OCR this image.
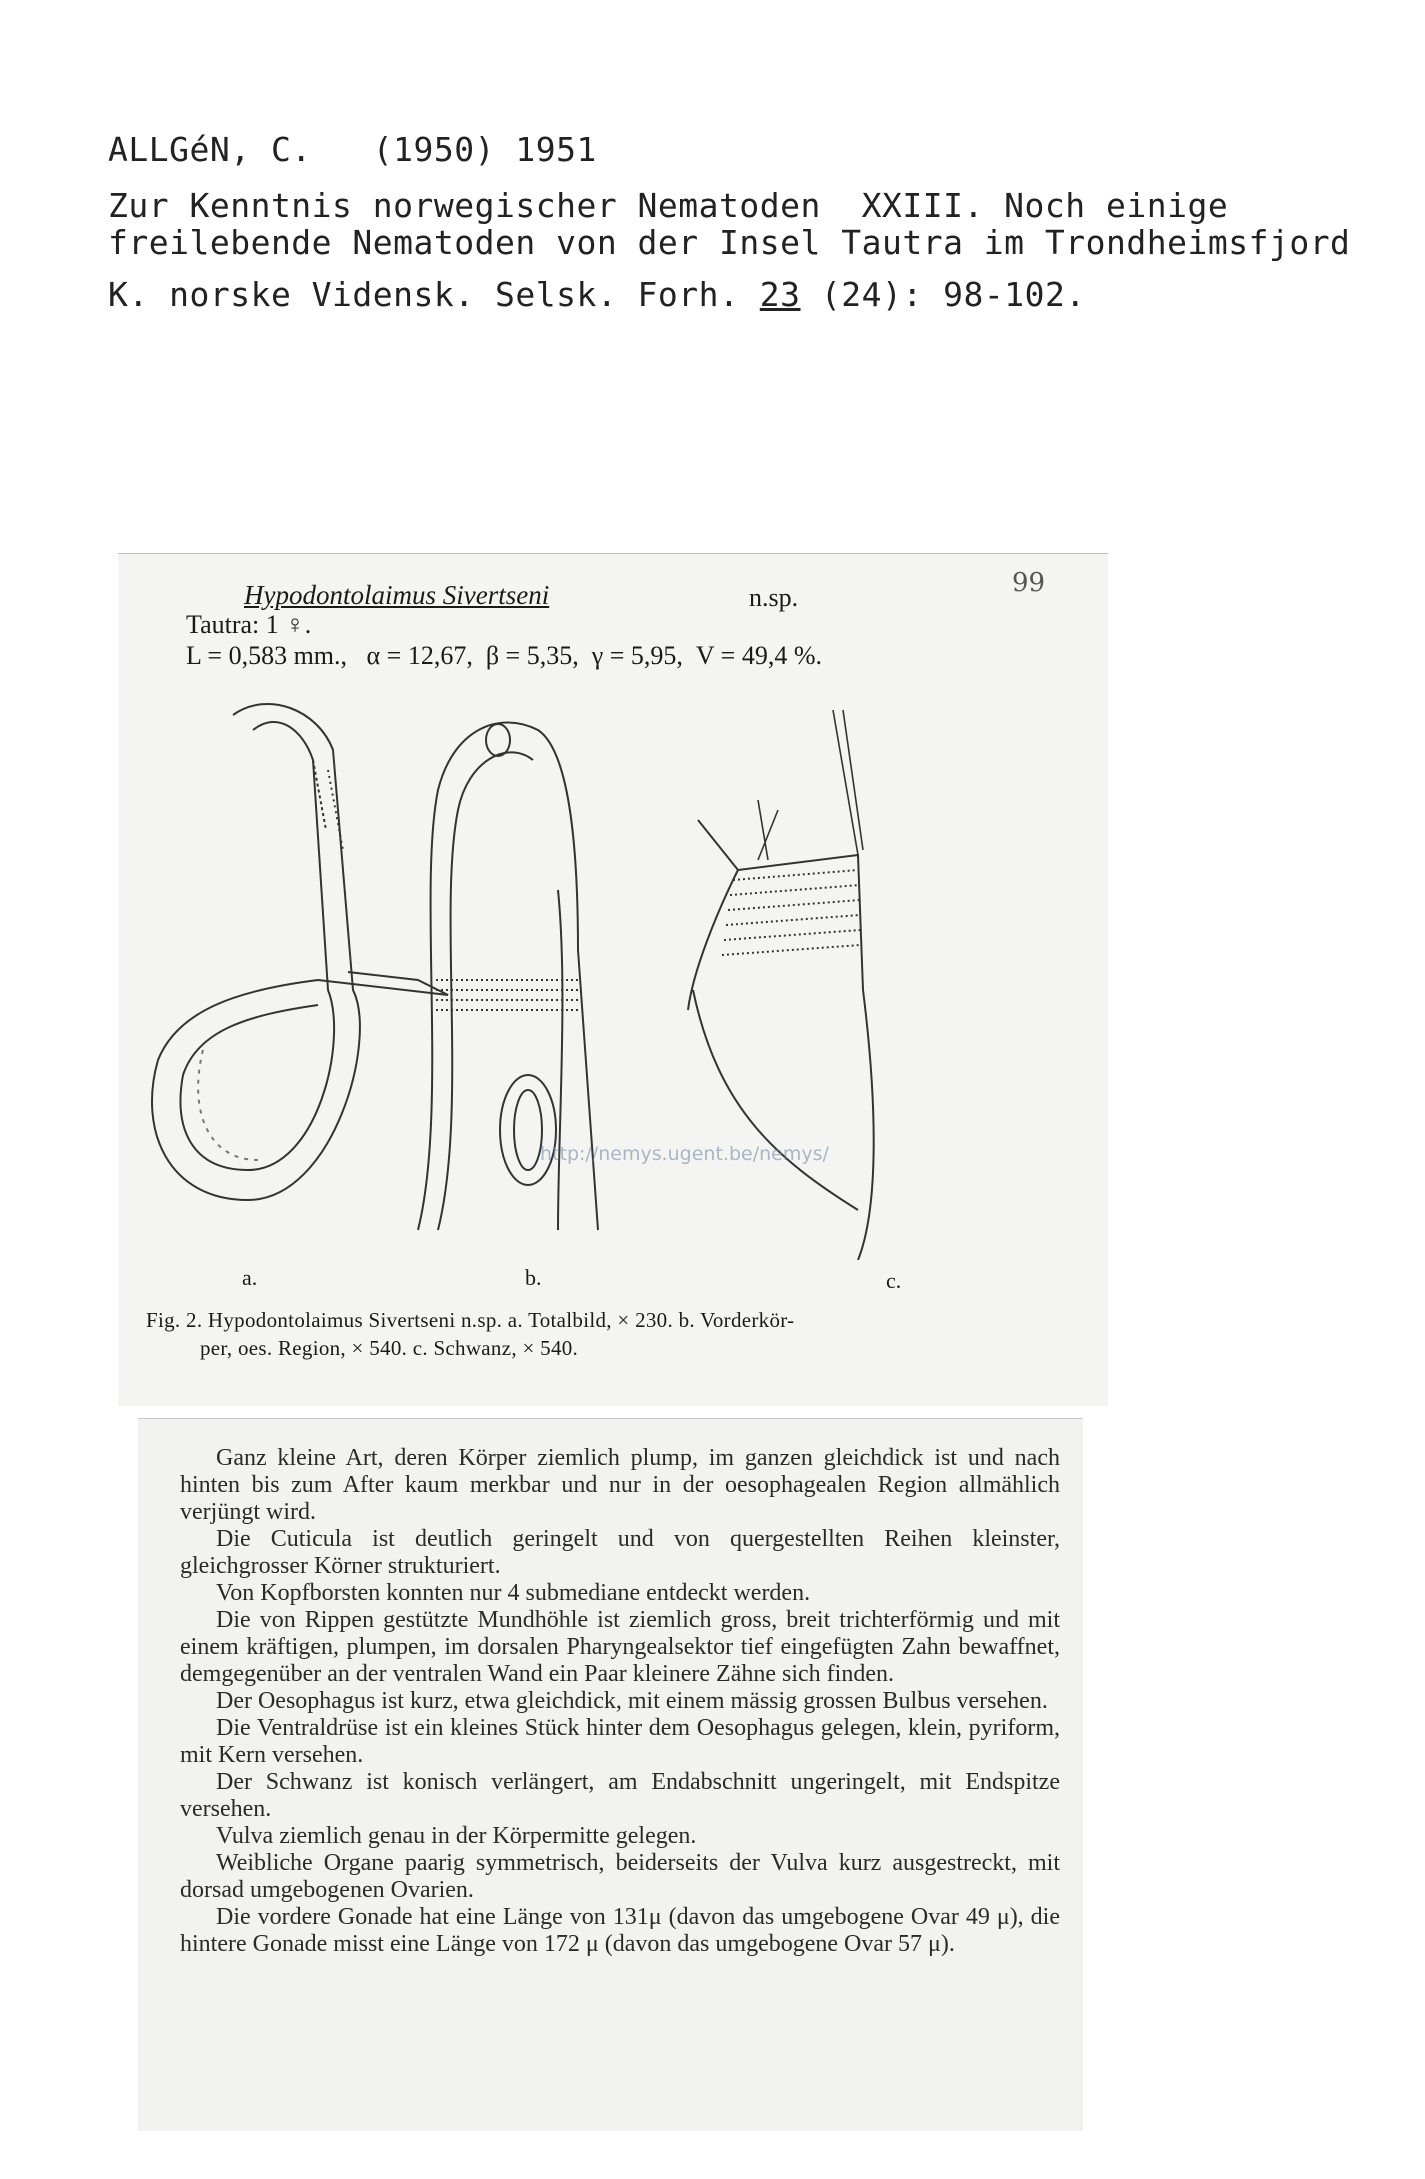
ALLGéN, C. (1950) 1951
Zur Kenntnis norwegischer Nematoden  XXIII. Noch einige
freilebende Nematoden von der Insel Tautra im Trondheimsfjord
K. norske Vidensk. Selsk. Forh. 23 (24): 98-102.
Hypodontolaimus Sivertseni	n.sp.	99
Tautra: 1 ♀.
L = 0,583 mm.,   α = 12,67,  β = 5,35,  γ = 5,95,  V = 49,4 %.
http://nemys.ugent.be/nemys/
a.	b.	c.
Fig. 2. Hypodontolaimus Sivertseni n.sp. a. Totalbild, × 230. b. Vorderkör-
per, oes. Region, × 540. c. Schwanz, × 540.

Ganz kleine Art, deren Körper ziemlich plump, im ganzen gleichdick ist und nach hinten bis zum After kaum merkbar und nur in der oesophagealen Region allmählich verjüngt wird.

Die Cuticula ist deutlich geringelt und von quergestellten Reihen kleinster, gleichgrosser Körner strukturiert.

Von Kopfborsten konnten nur 4 submediane entdeckt werden.

Die von Rippen gestützte Mundhöhle ist ziemlich gross, breit trichterförmig und mit einem kräftigen, plumpen, im dorsalen Pharyngealsektor tief eingefügten Zahn bewaffnet, demgegenüber an der ventralen Wand ein Paar kleinere Zähne sich finden.

Der Oesophagus ist kurz, etwa gleichdick, mit einem mässig grossen Bulbus versehen.

Die Ventraldrüse ist ein kleines Stück hinter dem Oesophagus gelegen, klein, pyriform, mit Kern versehen.

Der Schwanz ist konisch verlängert, am Endabschnitt ungeringelt, mit Endspitze versehen.

Vulva ziemlich genau in der Körpermitte gelegen.

Weibliche Organe paarig symmetrisch, beiderseits der Vulva kurz ausgestreckt, mit dorsad umgebogenen Ovarien.

Die vordere Gonade hat eine Länge von 131μ (davon das umgebogene Ovar 49 μ), die hintere Gonade misst eine Länge von 172 μ (davon das umgebogene Ovar 57 μ).
